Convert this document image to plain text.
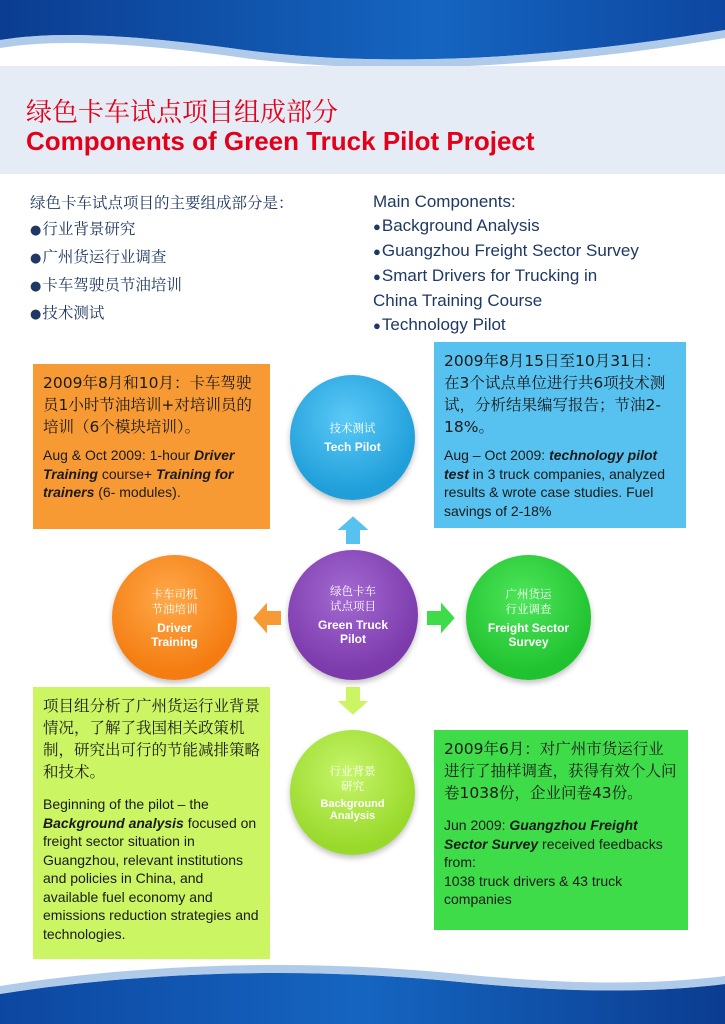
绿色卡车试点项目组成部分
Components of Green Truck Pilot Project
绿色卡车试点项目的主要组成部分是：
● 行业背景研究
● 广州货运行业调查
● 卡车驾驶员节油培训
● 技术测试
Main Components:
● Background Analysis
● Guangzhou Freight Sector Survey
● Smart Drivers for Trucking in
China Training Course
● Technology Pilot
2009年8月和10月：卡车驾驶员1小时节油培训+对培训员的培训（6个模块培训）。
Aug & Oct 2009: 1-hour Driver Training course+ Training for trainers (6- modules).
2009年8月15日至10月31日：在3个试点单位进行共6项技术测试，分析结果编写报告；节油2-18%。
Aug – Oct 2009: technology pilot test in 3 truck companies, analyzed results & wrote case studies. Fuel savings of 2-18%
项目组分析了广州货运行业背景情况，了解了我国相关政策机制，研究出可行的节能减排策略和技术。
Beginning of the pilot – the Background analysis focused on freight sector situation in Guangzhou, relevant institutions and policies in China, and available fuel economy and emissions reduction strategies and technologies.
2009年6月：对广州市货运行业进行了抽样调查，获得有效个人问卷1038份，企业问卷43份。
Jun 2009: Guangzhou Freight Sector Survey received feedbacks from:
1038 truck drivers & 43 truck companies
技术测试
Tech Pilot
绿色卡车
试点项目
Green Truck
Pilot
卡车司机
节油培训
Driver
Training
广州货运
行业调查
Freight Sector
Survey
行业背景
研究
Background
Analysis
